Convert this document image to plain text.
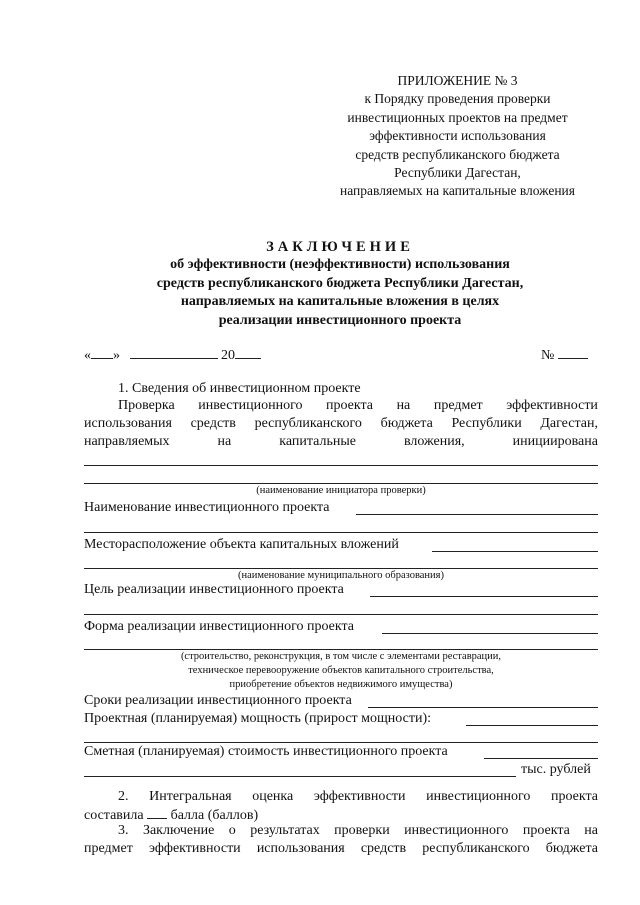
ПРИЛОЖЕНИЕ № 3
к Порядку проведения проверки
инвестиционных проектов на предмет
эффективности использования
средств республиканского бюджета
Республики Дагестан,
направляемых на капитальные вложения
ЗАКЛЮЧЕНИЕ
об эффективности (неэффективности) использования
средств республиканского бюджета Республики Дагестан,
направляемых на капитальные вложения в целях
реализации инвестиционного проекта
« »	20	№
1. Сведения об инвестиционном проекте
Проверка инвестиционного проекта на предмет эффективности
использования средств республиканского бюджета Республики Дагестан,
направляемых	на	капитальные	вложения,	инициирована
(наименование инициатора проверки)
Наименование инвестиционного проекта
Месторасположение объекта капитальных вложений
(наименование муниципального образования)
Цель реализации инвестиционного проекта
Форма реализации инвестиционного проекта
(строительство, реконструкция, в том числе с элементами реставрации,
техническое перевооружение объектов капитального строительства,
приобретение объектов недвижимого имущества)
Сроки реализации инвестиционного проекта
Проектная (планируемая) мощность (прирост мощности):
Сметная (планируемая) стоимость инвестиционного проекта
тыс. рублей
2. Интегральная оценка эффективности инвестиционного проекта
составила балла (баллов)
3. Заключение о результатах проверки инвестиционного проекта на
предмет эффективности использования средств республиканского бюджета
